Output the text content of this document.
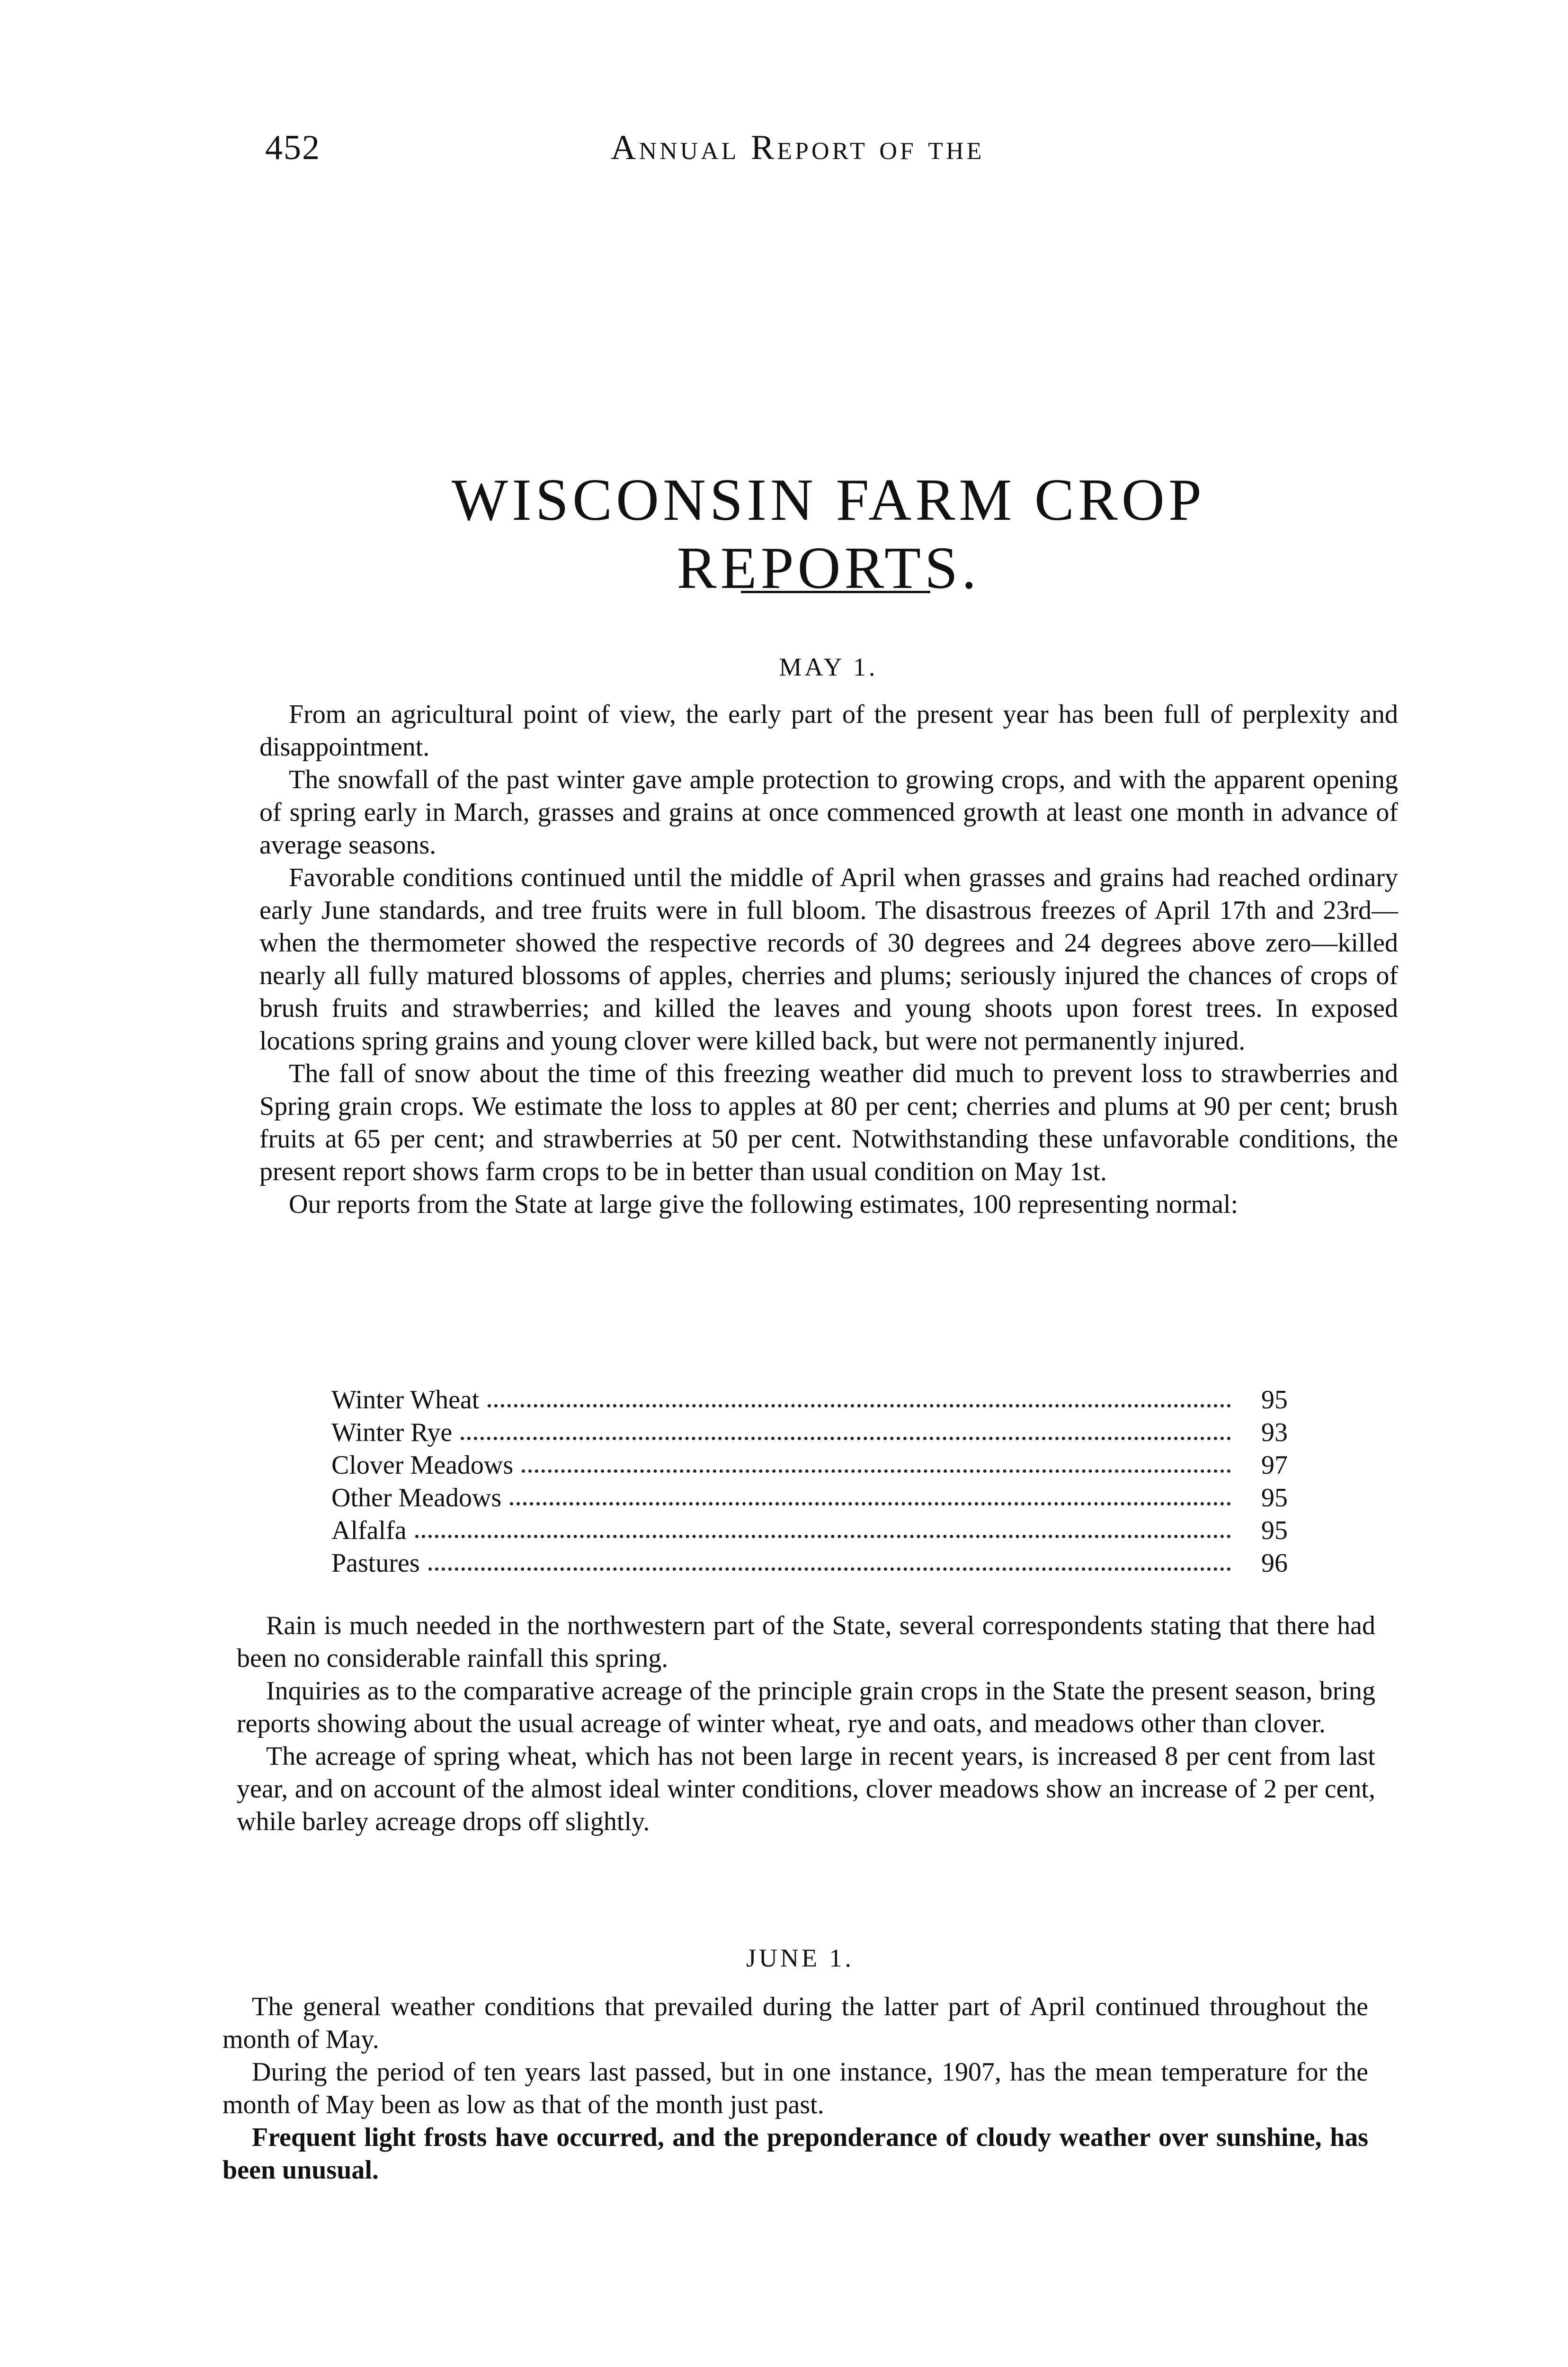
452	Annual Report of the
WISCONSIN FARM CROP REPORTS.
MAY 1.

From an agricultural point of view, the early part of the present year has been full of perplexity and disappointment.

The snowfall of the past winter gave ample protection to growing crops, and with the apparent opening of spring early in March, grasses and grains at once commenced growth at least one month in advance of average seasons.

Favorable conditions continued until the middle of April when grasses and grains had reached ordinary early June standards, and tree fruits were in full bloom. The disastrous freezes of April 17th and 23rd—when the thermometer showed the respective records of 30 degrees and 24 degrees above zero—killed nearly all fully matured blossoms of apples, cherries and plums; seriously injured the chances of crops of brush fruits and strawberries; and killed the leaves and young shoots upon forest trees. In exposed locations spring grains and young clover were killed back, but were not permanently injured.

The fall of snow about the time of this freezing weather did much to prevent loss to strawberries and Spring grain crops. We estimate the loss to apples at 80 per cent; cherries and plums at 90 per cent; brush fruits at 65 per cent; and strawberries at 50 per cent. Notwithstanding these unfavorable conditions, the present report shows farm crops to be in better than usual condition on May 1st.

Our reports from the State at large give the following estimates, 100 representing normal:

Winter Wheat	95
Winter Rye	93
Clover Meadows	97
Other Meadows	95
Alfalfa	95
Pastures	96

Rain is much needed in the northwestern part of the State, several correspondents stating that there had been no considerable rainfall this spring.

Inquiries as to the comparative acreage of the principle grain crops in the State the present season, bring reports showing about the usual acreage of winter wheat, rye and oats, and meadows other than clover.

The acreage of spring wheat, which has not been large in recent years, is increased 8 per cent from last year, and on account of the almost ideal winter conditions, clover meadows show an increase of 2 per cent, while barley acreage drops off slightly.

JUNE 1.

The general weather conditions that prevailed during the latter part of April continued throughout the month of May.

During the period of ten years last passed, but in one instance, 1907, has the mean temperature for the month of May been as low as that of the month just past.

Frequent light frosts have occurred, and the preponderance of cloudy weather over sunshine, has been unusual.
